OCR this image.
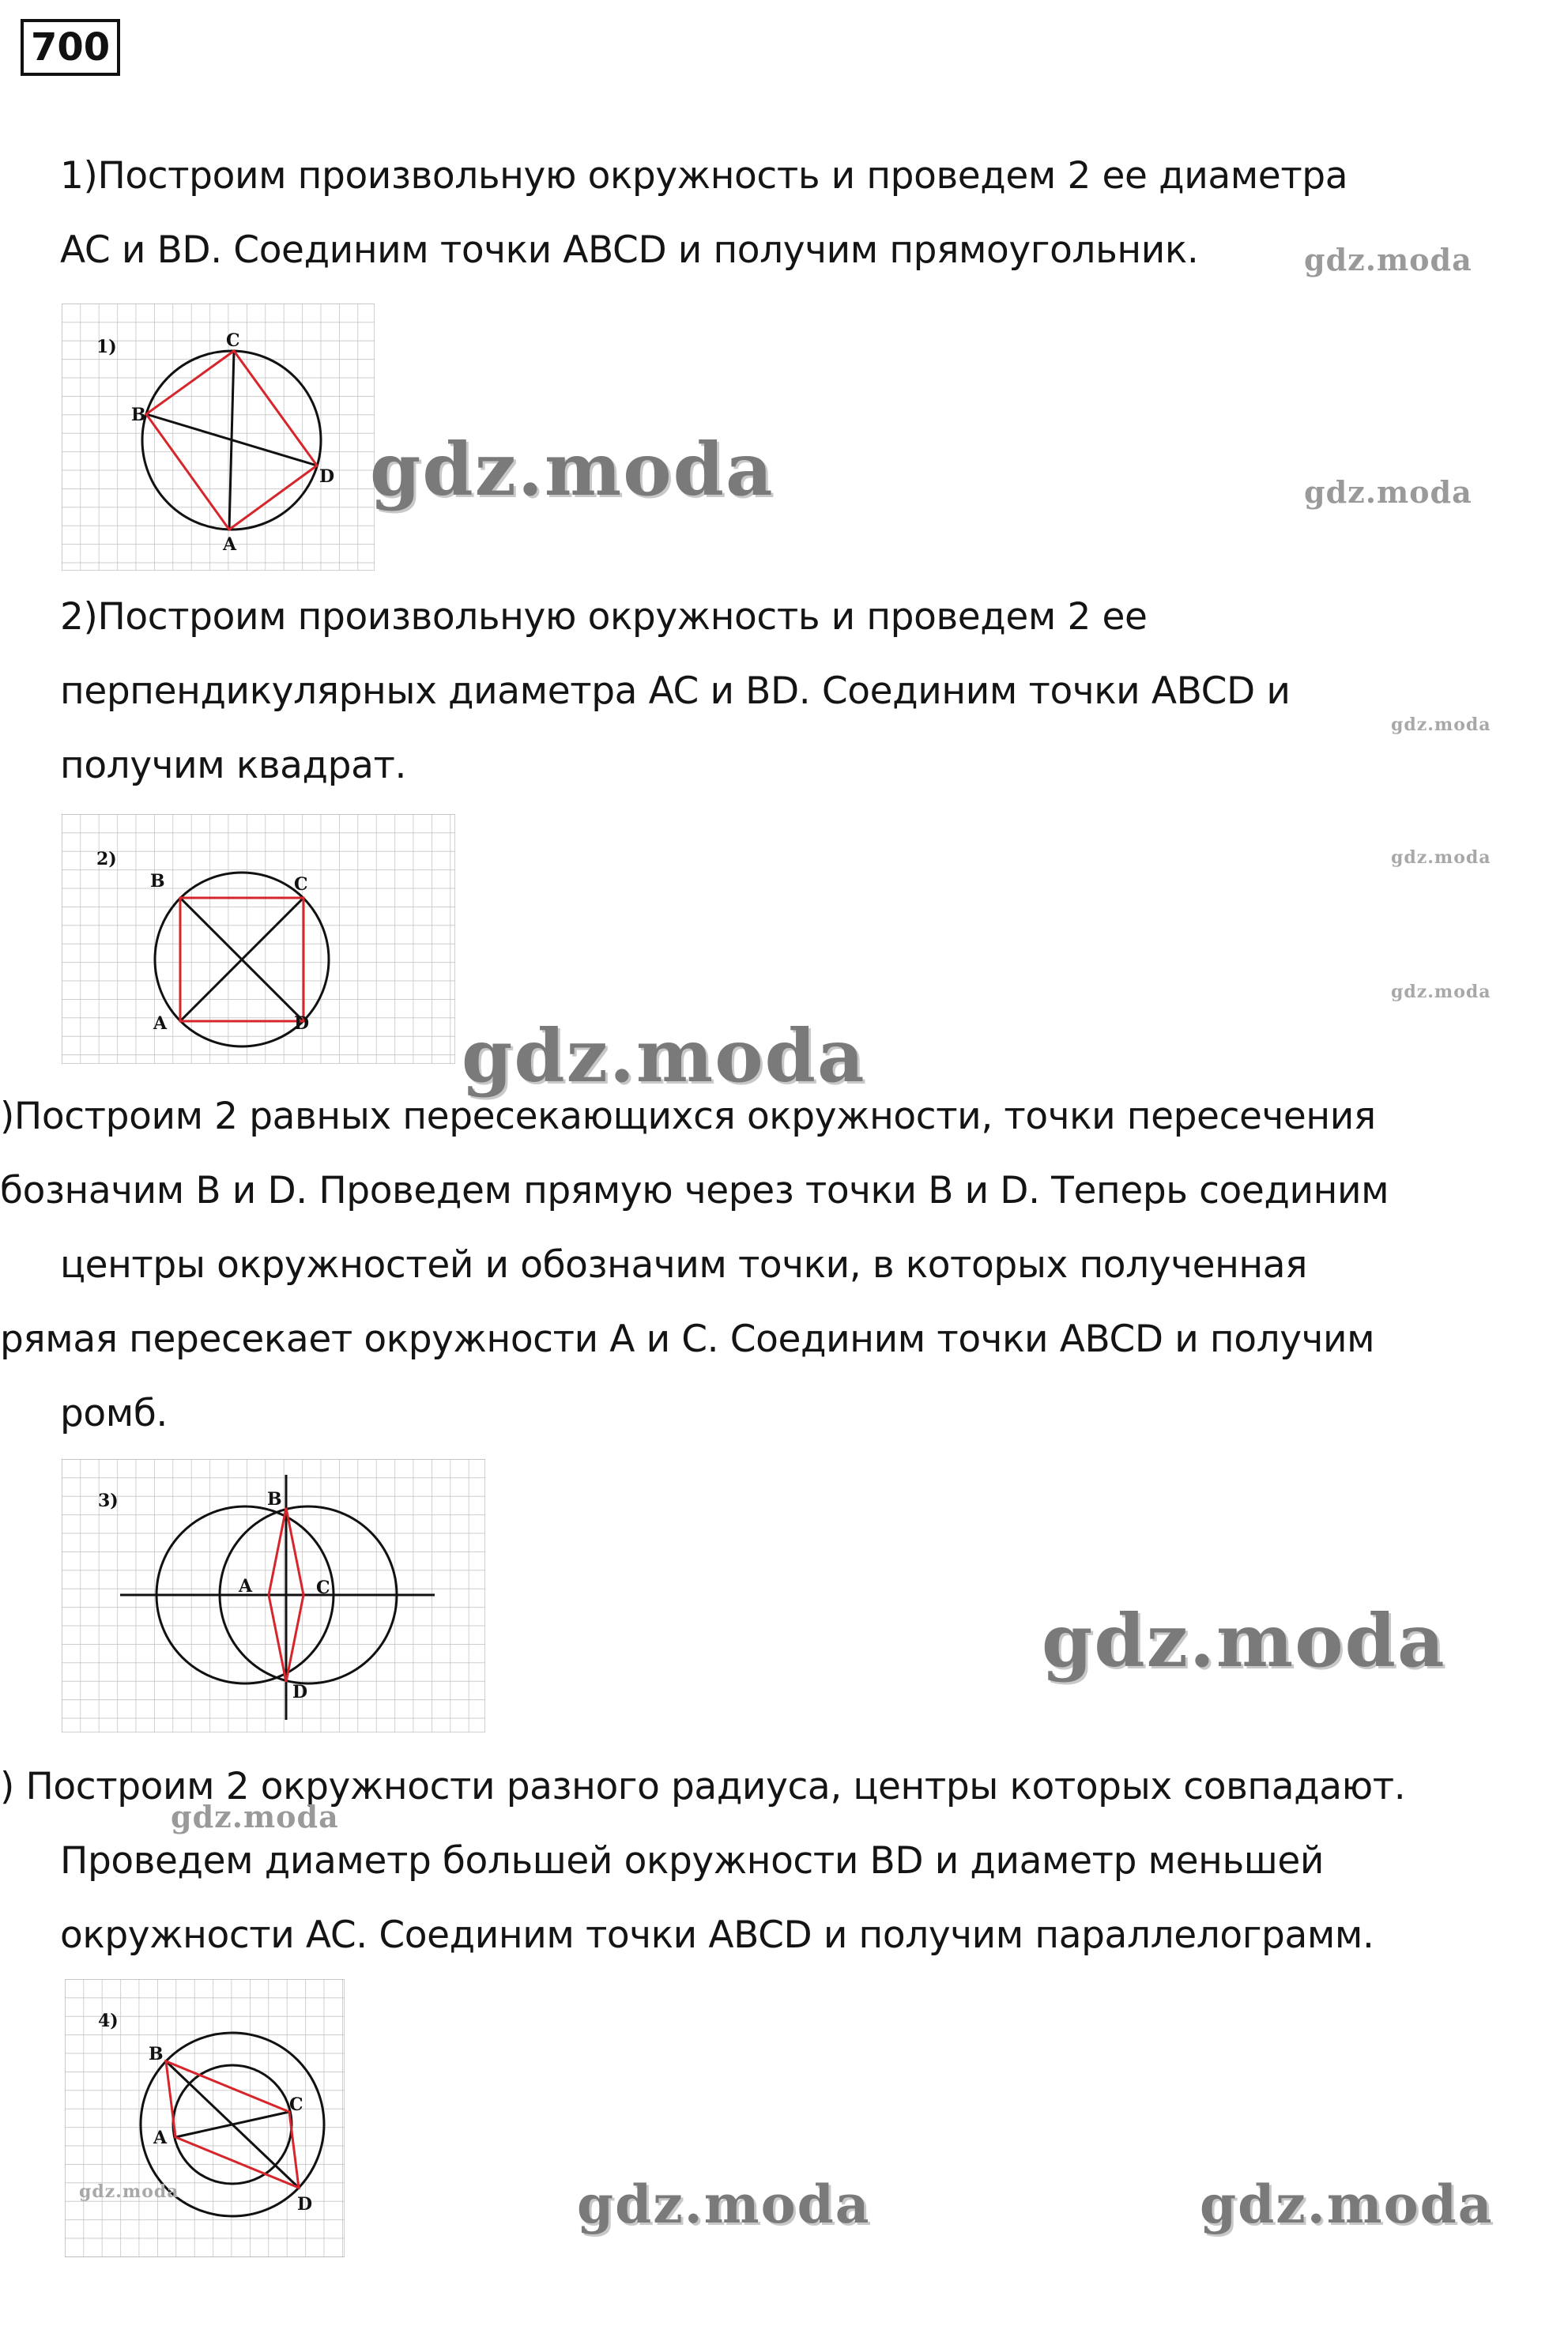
700

1)Построим произвольную окружность и проведем 2 ее диаметра
AC и BD. Соединим точки ABCD и получим прямоугольник.

1)	C
B
D
A

2)Построим произвольную окружность и проведем 2 ее
перпендикулярных диаметра AC и BD. Соединим точки ABCD и
получим квадрат.

2)
B	C
A	D

)Построим 2 равных пересекающихся окружности, точки пересечения
бозначим B и D. Проведем прямую через точки B и D. Теперь соединим
центры окружностей и обозначим точки, в которых полученная
рямая пересекает окружности A и C. Соединим точки ABCD и получим
ромб.

3)	B
A	C
D

) Построим 2 окружности разного радиуса, центры которых совпадают.
Проведем диаметр большей окружности BD и диаметр меньшей
окружности AC. Соединим точки ABCD и получим параллелограмм.

4)
B
A
C
D
gdz.moda
gdz.moda	gdz.moda
gdz.moda
gdz.moda
gdz.moda
gdz.moda
gdz.moda
gdz.moda
gdz.moda	gdz.moda	gdz.moda
